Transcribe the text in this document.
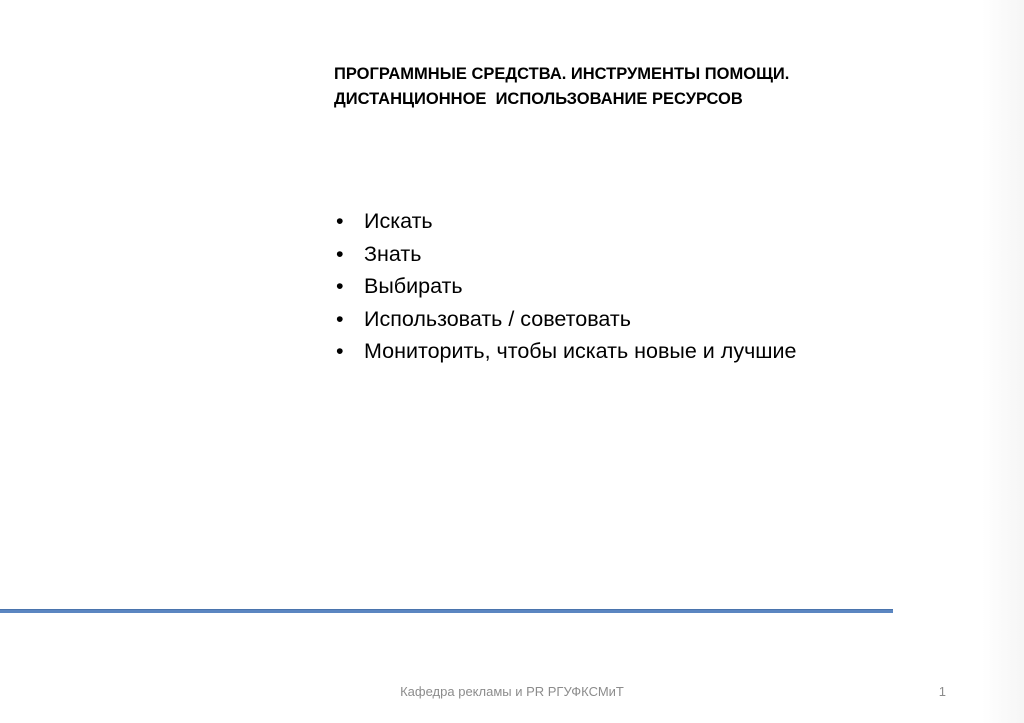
ПРОГРАММНЫЕ СРЕДСТВА. ИНСТРУМЕНТЫ ПОМОЩИ.
ДИСТАНЦИОННОЕ  ИСПОЛЬЗОВАНИЕ РЕСУРСОВ
• Искать
• Знать
• Выбирать
• Использовать / советовать
• Мониторить, чтобы искать новые и лучшие
Кафедра рекламы и PR РГУФКСМиТ	1
